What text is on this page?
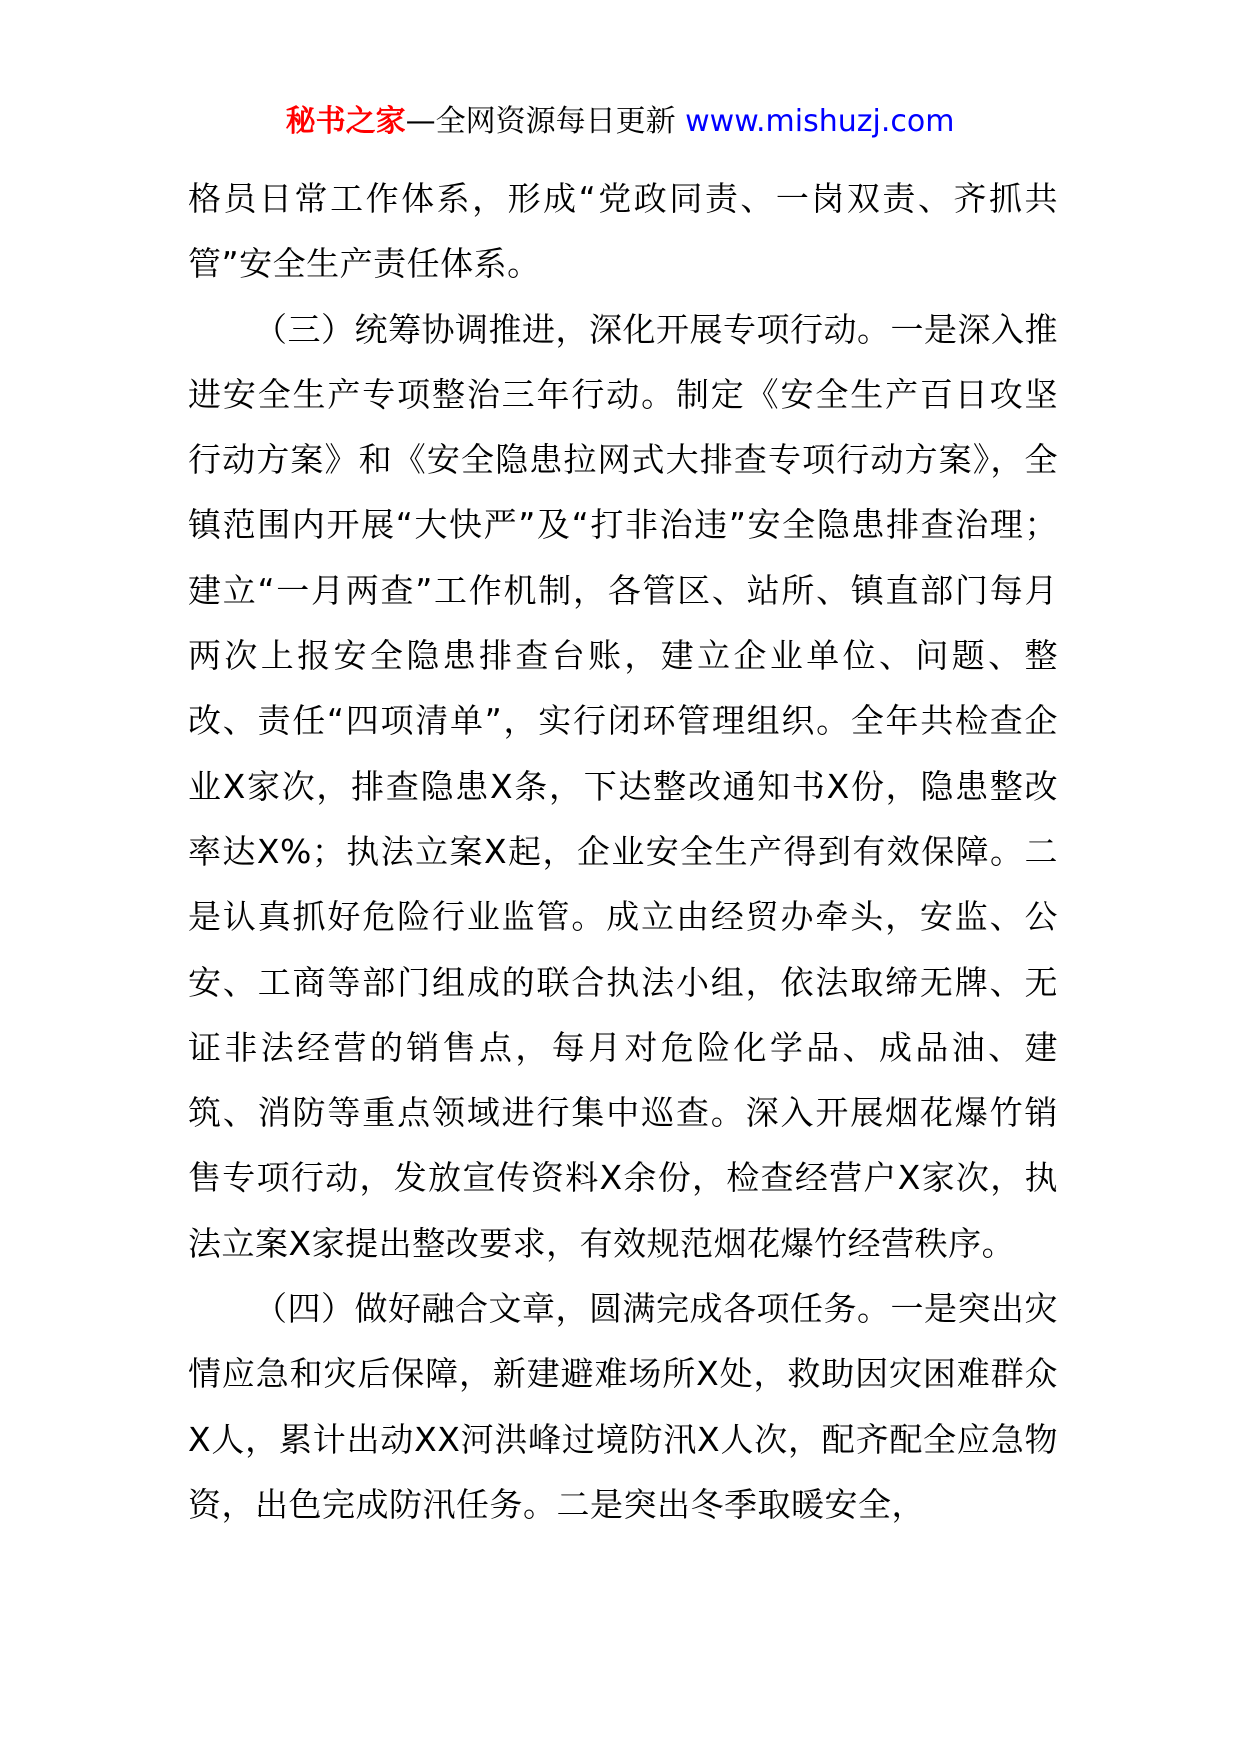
秘书之家—全网资源每日更新 www.mishuzj.com

格员日常工作体系，形成“党政同责、一岗双责、齐抓共管”安全生产责任体系。

（三）统筹协调推进，深化开展专项行动。一是深入推进安全生产专项整治三年行动。制定《安全生产百日攻坚行动方案》和《安全隐患拉网式大排查专项行动方案》，全镇范围内开展“大快严”及“打非治违”安全隐患排查治理；建立“一月两查”工作机制，各管区、站所、镇直部门每月两次上报安全隐患排查台账，建立企业单位、问题、整改、责任“四项清单”，实行闭环管理组织。全年共检查企业X家次，排查隐患X条，下达整改通知书X份，隐患整改率达X%；执法立案X起，企业安全生产得到有效保障。二是认真抓好危险行业监管。成立由经贸办牵头，安监、公安、工商等部门组成的联合执法小组，依法取缔无牌、无证非法经营的销售点，每月对危险化学品、成品油、建筑、消防等重点领域进行集中巡查。深入开展烟花爆竹销售专项行动，发放宣传资料X余份，检查经营户X家次，执法立案X家提出整改要求，有效规范烟花爆竹经营秩序。

（四）做好融合文章，圆满完成各项任务。一是突出灾情应急和灾后保障，新建避难场所X处，救助因灾困难群众X人，累计出动XX河洪峰过境防汛X人次，配齐配全应急物资，出色完成防汛任务。二是突出冬季取暖安全，
